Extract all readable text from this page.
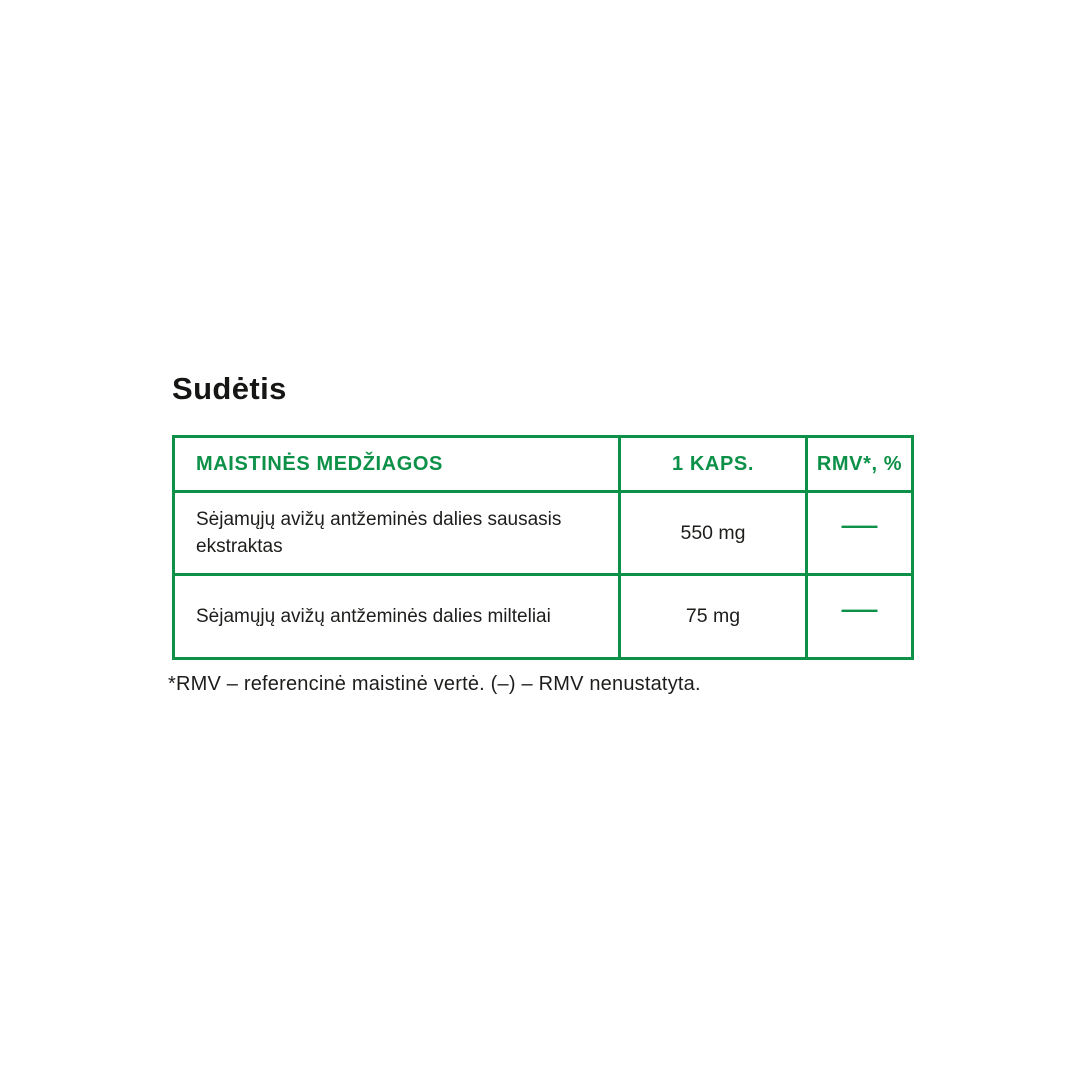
Sudėtis
MAISTINĖS MEDŽIAGOS	1 KAPS.	RMV*, %
Sėjamųjų avižų antžeminės dalies sausasis ekstraktas	550 mg	—
Sėjamųjų avižų antžeminės dalies milteliai	75 mg	—
*RMV – referencinė maistinė vertė. (–) – RMV nenustatyta.
